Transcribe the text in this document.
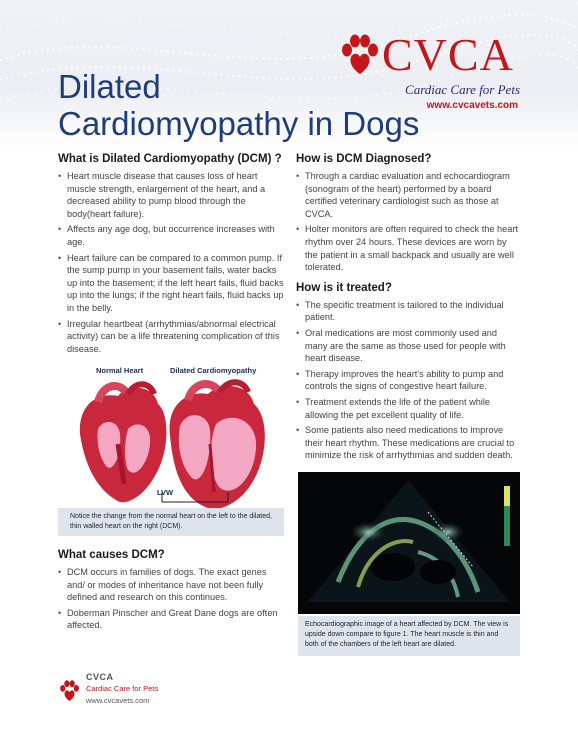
CVCA
Cardiac Care for Pets
www.cvcavets.com
Dilated
Cardiomyopathy in Dogs
What is Dilated Cardiomyopathy (DCM) ?
• Heart muscle disease that causes loss of heart muscle strength, enlargement of the heart, and a decreased ability to pump blood through the body(heart failure).
• Affects any age dog, but occurrence increases with age.
• Heart failure can be compared to a common pump. If the sump pump in your basement fails, water backs up into the basement; if the left heart fails, fluid backs up into the lungs; if the right heart fails, fluid backs up in the belly.
• Irregular heartbeat (arrhythmias/abnormal electrical activity) can be a life threatening complication of this disease.
Normal Heart	Dilated Cardiomyopathy
LVW
Notice the change from the normal heart on the left to the dilated, thin walled heart on the right (DCM).
What causes DCM?
• DCM occurs in families of dogs. The exact genes and/ or modes of inheritance have not been fully defined and research on this continues.
• Doberman Pinscher and Great Dane dogs are often affected.
How is DCM Diagnosed?
• Through a cardiac evaluation and echocardiogram (sonogram of the heart) performed by a board certified veterinary cardiologist such as those at CVCA.
• Holter monitors are often required to check the heart rhythm over 24 hours. These devices are worn by the patient in a small backpack and usually are well tolerated.
How is it treated?
• The specific treatment is tailored to the individual patient.
• Oral medications are most commonly used and many are the same as those used for people with heart disease.
• Therapy improves the heart's ability to pump and controls the signs of congestive heart failure.
• Treatment extends the life of the patient while allowing the pet excellent quality of life.
• Some patients also need medications to improve their heart rhythm. These medications are crucial to minimize the risk of arrhythmias and sudden death.
Echocardiographic image of a heart affected by DCM. The view is upside down compare to figure 1. The heart muscle is thin and both of the chambers of the left heart are dilated.
CVCA
Cardiac Care for Pets
www.cvcavets.com
